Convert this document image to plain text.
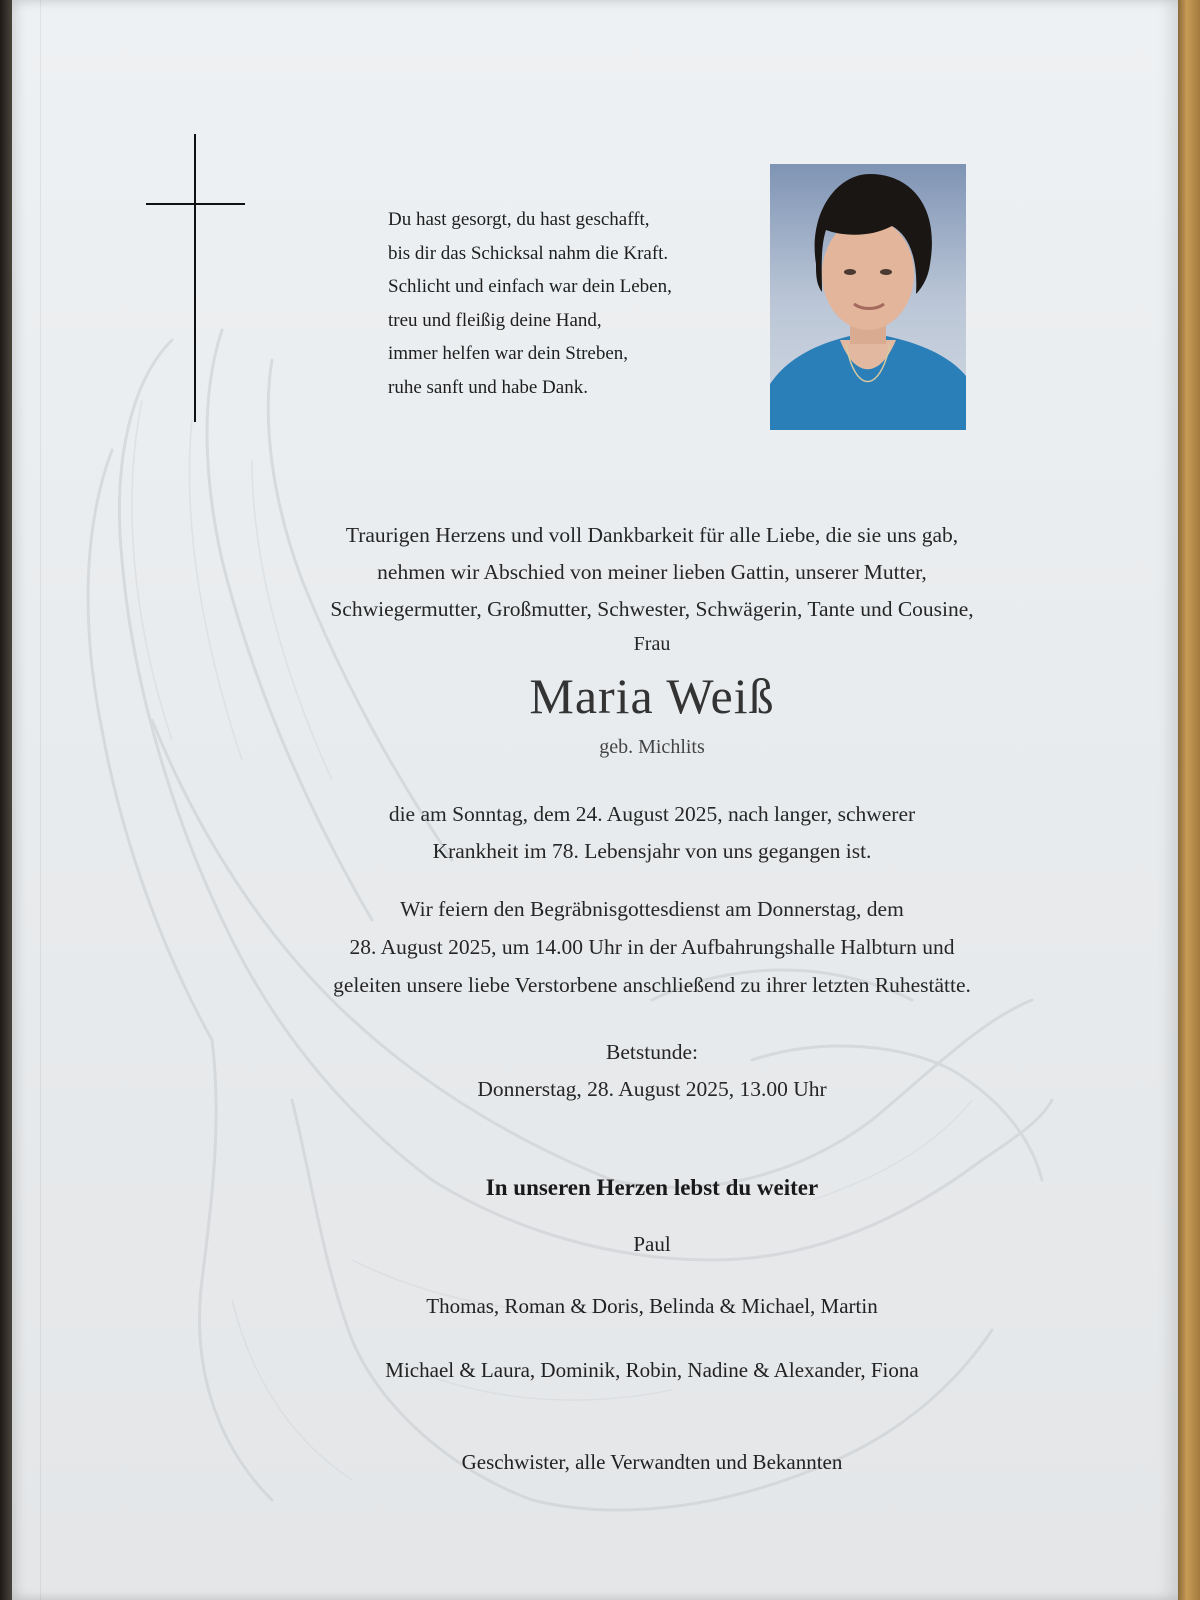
Du hast gesorgt, du hast geschafft,
bis dir das Schicksal nahm die Kraft.
Schlicht und einfach war dein Leben,
treu und fleißig deine Hand,
immer helfen war dein Streben,
ruhe sanft und habe Dank.
Traurigen Herzens und voll Dankbarkeit für alle Liebe, die sie uns gab,
nehmen wir Abschied von meiner lieben Gattin, unserer Mutter,
Schwiegermutter, Großmutter, Schwester, Schwägerin, Tante und Cousine,
Frau
Maria Weiß
geb. Michlits
die am Sonntag, dem 24. August 2025, nach langer, schwerer
Krankheit im 78. Lebensjahr von uns gegangen ist.
Wir feiern den Begräbnisgottesdienst am Donnerstag, dem
28. August 2025, um 14.00 Uhr in der Aufbahrungshalle Halbturn und
geleiten unsere liebe Verstorbene anschließend zu ihrer letzten Ruhestätte.
Betstunde:
Donnerstag, 28. August 2025, 13.00 Uhr
In unseren Herzen lebst du weiter
Paul
Thomas, Roman & Doris, Belinda & Michael, Martin
Michael & Laura, Dominik, Robin, Nadine & Alexander, Fiona
Geschwister, alle Verwandten und Bekannten
